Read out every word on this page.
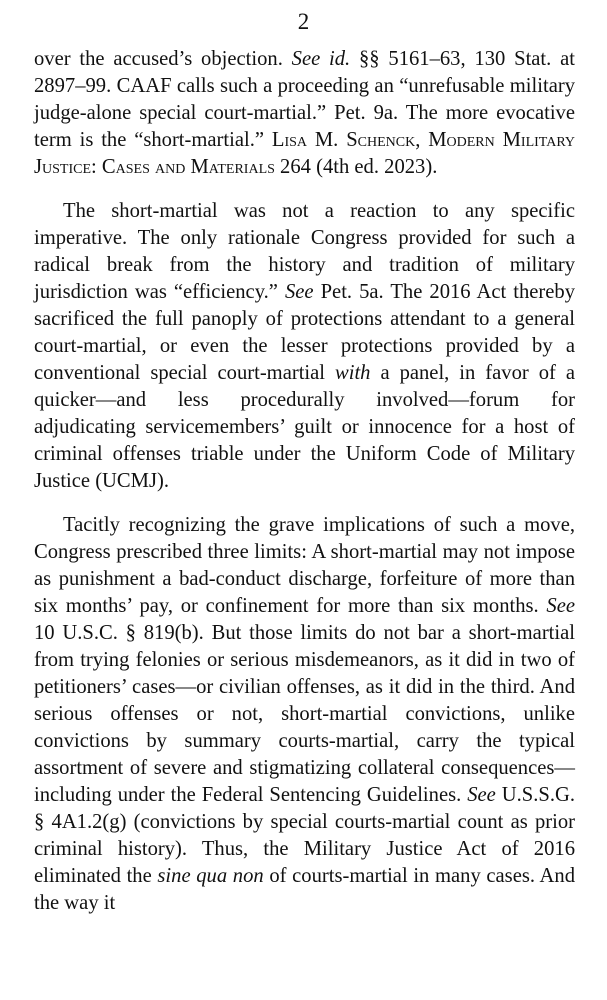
2

over the accused’s objection. See id. §§ 5161–63, 130 Stat. at 2897–99. CAAF calls such a proceeding an “unrefusable military judge-alone special court-martial.” Pet. 9a. The more evocative term is the “short-martial.” Lisa M. Schenck, Modern Military Justice: Cases and Materials 264 (4th ed. 2023).

The short-martial was not a reaction to any specific imperative. The only rationale Congress provided for such a radical break from the history and tradition of military jurisdiction was “efficiency.” See Pet. 5a. The 2016 Act thereby sacrificed the full panoply of protections attendant to a general court-martial, or even the lesser protections provided by a conventional special court-martial with a panel, in favor of a quicker—and less procedurally involved—forum for adjudicating servicemembers’ guilt or innocence for a host of criminal offenses triable under the Uniform Code of Military Justice (UCMJ).

Tacitly recognizing the grave implications of such a move, Congress prescribed three limits: A short-martial may not impose as punishment a bad-conduct discharge, forfeiture of more than six months’ pay, or confinement for more than six months. See 10 U.S.C. § 819(b). But those limits do not bar a short-martial from trying felonies or serious misdemeanors, as it did in two of petitioners’ cases—or civilian offenses, as it did in the third. And serious offenses or not, short-martial convictions, unlike convictions by summary courts-martial, carry the typical assortment of severe and stigmatizing collateral consequences—including under the Federal Sentencing Guidelines. See U.S.S.G. § 4A1.2(g) (convictions by special courts-martial count as prior criminal history). Thus, the Military Justice Act of 2016 eliminated the sine qua non of courts-martial in many cases. And the way it
